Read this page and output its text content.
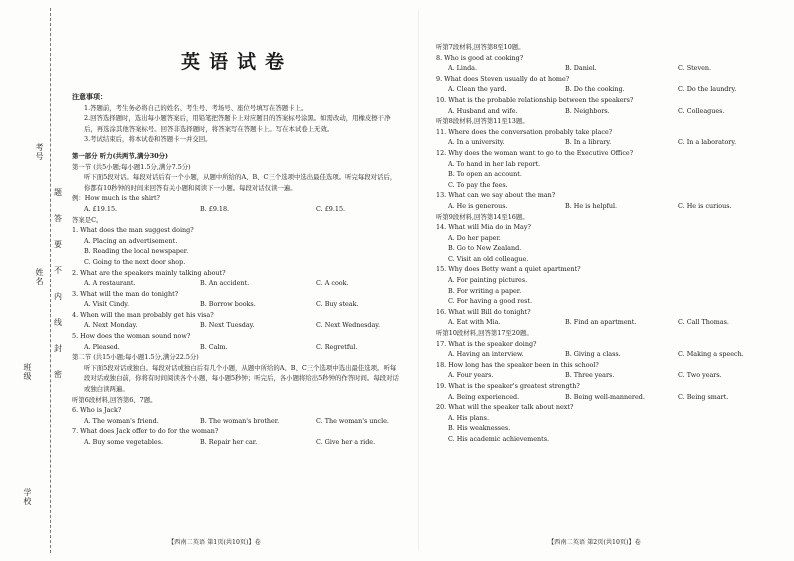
考号
姓名
班级
学校
题
答
要
不
内
线
封
密
英语试卷
注意事项：
1.答题前，考生务必将自己的姓名、考生号、考场号、座位号填写在答题卡上。
2.回答选择题时，选出每小题答案后，用铅笔把答题卡上对应题目的答案标号涂黑。如需改动，用橡皮擦干净后，再选涂其他答案标号。回答非选择题时，将答案写在答题卡上。写在本试卷上无效。
3.考试结束后，将本试卷和答题卡一并交回。
第一部分 听力(共两节,满分30分)
第一节 (共5小题;每小题1.5分,满分7.5分)
听下面5段对话。每段对话后有一个小题，从题中所给的A、B、C三个选项中选出最佳选项。听完每段对话后，你都有10秒钟的时间来回答有关小题和阅读下一小题。每段对话仅读一遍。
例：How much is the shirt?
A. £19.15.	B. £9.18.	C. £9.15.
答案是C。
1. What does the man suggest doing?
A. Placing an advertisement.
B. Reading the local newspaper.
C. Going to the next door shop.
2. What are the speakers mainly talking about?
A. A restaurant.	B. An accident.	C. A cook.
3. What will the man do tonight?
A. Visit Cindy.	B. Borrow books.	C. Buy steak.
4. When will the man probably get his visa?
A. Next Monday.	B. Next Tuesday.	C. Next Wednesday.
5. How does the woman sound now?
A. Pleased.	B. Calm.	C. Regretful.
第二节 (共15小题;每小题1.5分,满分22.5分)
听下面5段对话或独白。每段对话或独白后有几个小题，从题中所给的A、B、C三个选项中选出最佳选项。听每段对话或独白前，你将有时间阅读各个小题，每小题5秒钟；听完后，各小题将给出5秒钟的作答时间。每段对话或独白读两遍。
听第6段材料,回答第6、7题。
6. Who is Jack?
A. The woman's friend.	B. The woman's brother.	C. The woman's uncle.
7. What does Jack offer to do for the woman?
A. Buy some vegetables.	B. Repair her car.	C. Give her a ride.
听第7段材料,回答第8至10题。
8. Who is good at cooking?
A. Linda.	B. Daniel.	C. Steven.
9. What does Steven usually do at home?
A. Clean the yard.	B. Do the cooking.	C. Do the laundry.
10. What is the probable relationship between the speakers?
A. Husband and wife.	B. Neighbors.	C. Colleagues.
听第8段材料,回答第11至13题。
11. Where does the conversation probably take place?
A. In a university.	B. In a library.	C. In a laboratory.
12. Why does the woman want to go to the Executive Office?
A. To hand in her lab report.
B. To open an account.
C. To pay the fees.
13. What can we say about the man?
A. He is generous.	B. He is helpful.	C. He is curious.
听第9段材料,回答第14至16题。
14. What will Mia do in May?
A. Do her paper.
B. Go to New Zealand.
C. Visit an old colleague.
15. Why does Betty want a quiet apartment?
A. For painting pictures.
B. For writing a paper.
C. For having a good rest.
16. What will Bill do tonight?
A. Eat with Mia.	B. Find an apartment.	C. Call Thomas.
听第10段材料,回答第17至20题。
17. What is the speaker doing?
A. Having an interview.	B. Giving a class.	C. Making a speech.
18. How long has the speaker been in this school?
A. Four years.	B. Three years.	C. Two years.
19. What is the speaker's greatest strength?
A. Being experienced.	B. Being well-mannered.	C. Being smart.
20. What will the speaker talk about next?
A. His plans.
B. His weaknesses.
C. His academic achievements.
【西南二英语 第1页(共10页)】卷	【西南二英语 第2页(共10页)】卷
